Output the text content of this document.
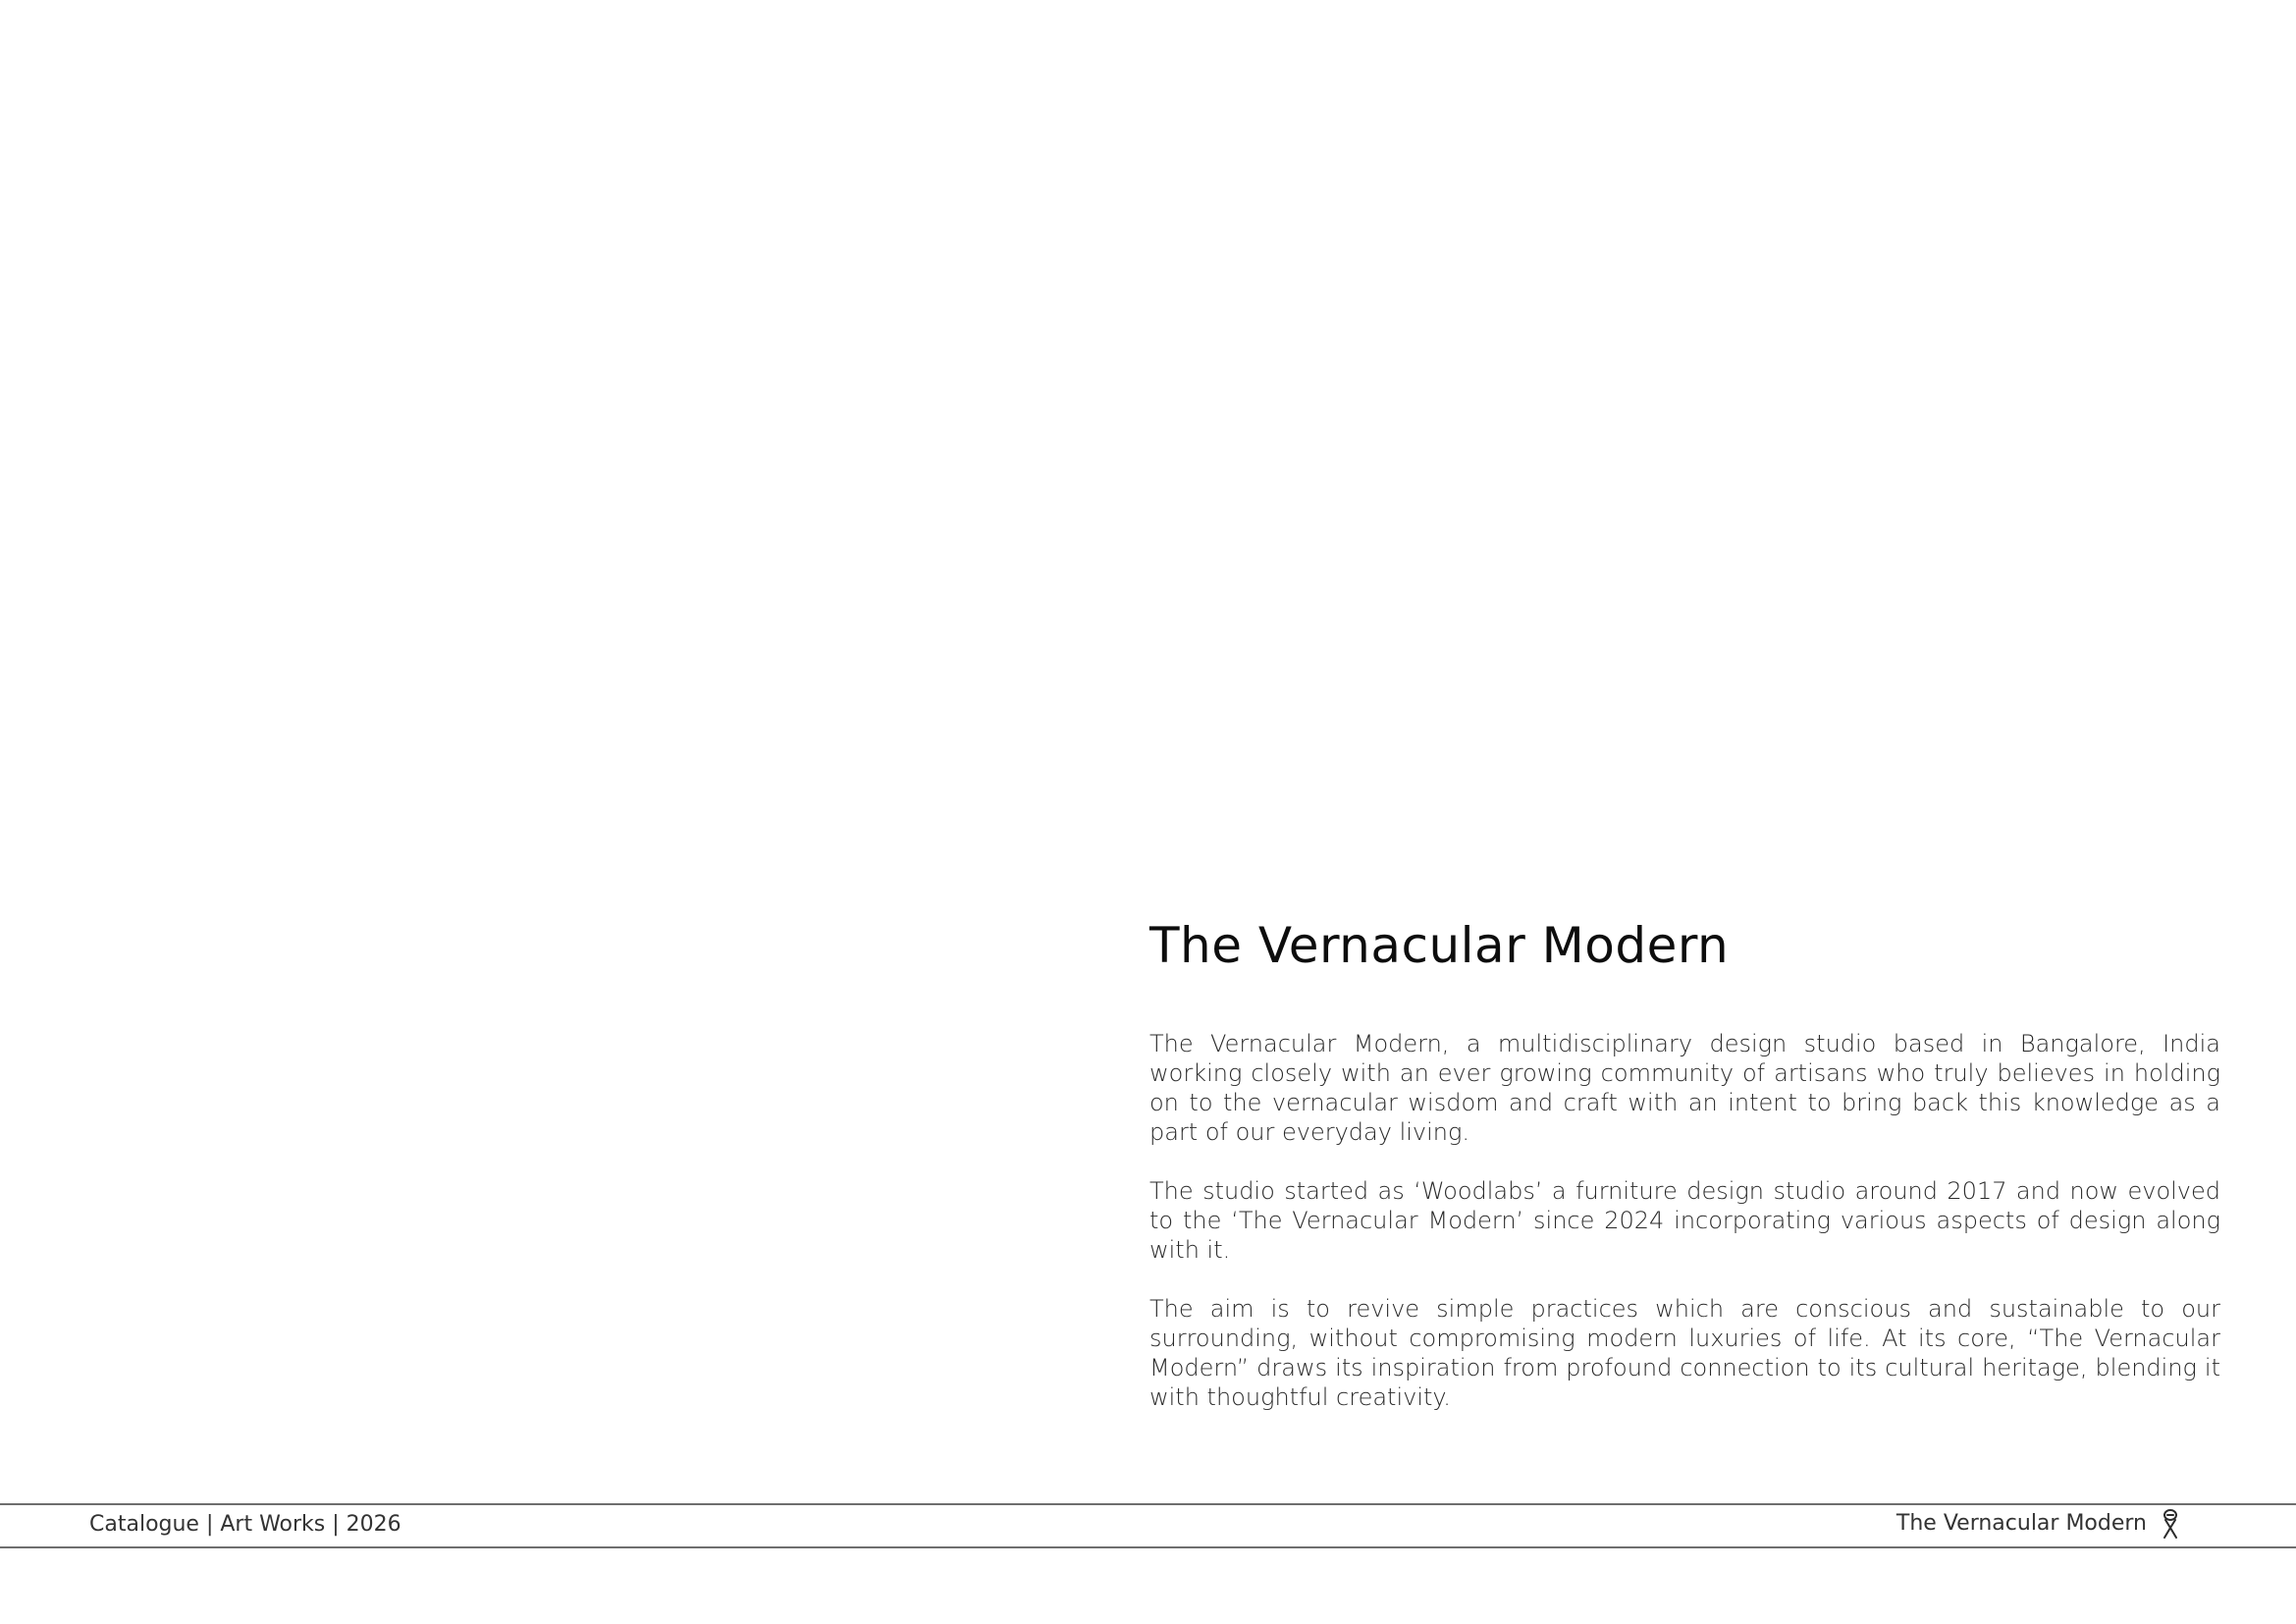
The Vernacular Modern

The Vernacular Modern, a multidisciplinary design studio based in Bangalore, India working closely with an ever growing community of artisans who truly believes in holding on to the vernacular wisdom and craft with an intent to bring back this knowledge as a part of our everyday living.

The studio started as ‘Woodlabs’ a furniture design studio around 2017 and now evolved to the ‘The Vernacular Modern’ since 2024 incorporating various aspects of design along with it.

The aim is to revive simple practices which are conscious and sustainable to our surrounding, without compromising modern luxuries of life. At its core, “The Vernacular Modern” draws its inspiration from profound connection to its cultural heritage, blending it with thoughtful creativity.

Catalogue | Art Works | 2026	The Vernacular Modern
